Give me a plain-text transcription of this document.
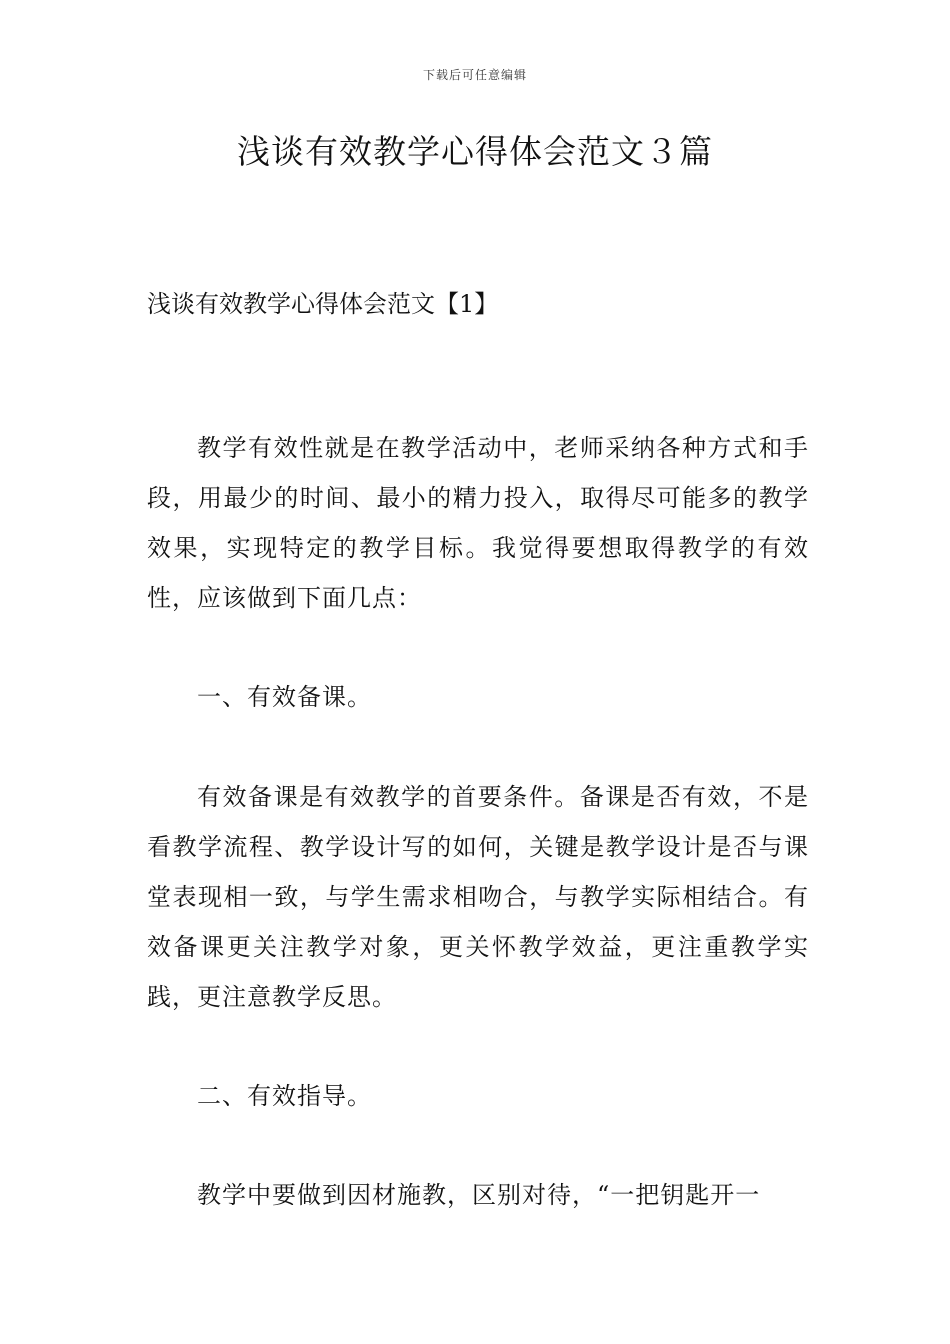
下载后可任意编辑
浅谈有效教学心得体会范文３篇
浅谈有效教学心得体会范文【1】

教学有效性就是在教学活动中，老师采纳各种方式和手段，用最少的时间、最小的精力投入，取得尽可能多的教学效果，实现特定的教学目标。我觉得要想取得教学的有效性，应该做到下面几点：

一、有效备课。

有效备课是有效教学的首要条件。备课是否有效，不是看教学流程、教学设计写的如何，关键是教学设计是否与课堂表现相一致，与学生需求相吻合，与教学实际相结合。有效备课更关注教学对象，更关怀教学效益，更注重教学实践，更注意教学反思。

二、有效指导。

教学中要做到因材施教，区别对待，“一把钥匙开一
